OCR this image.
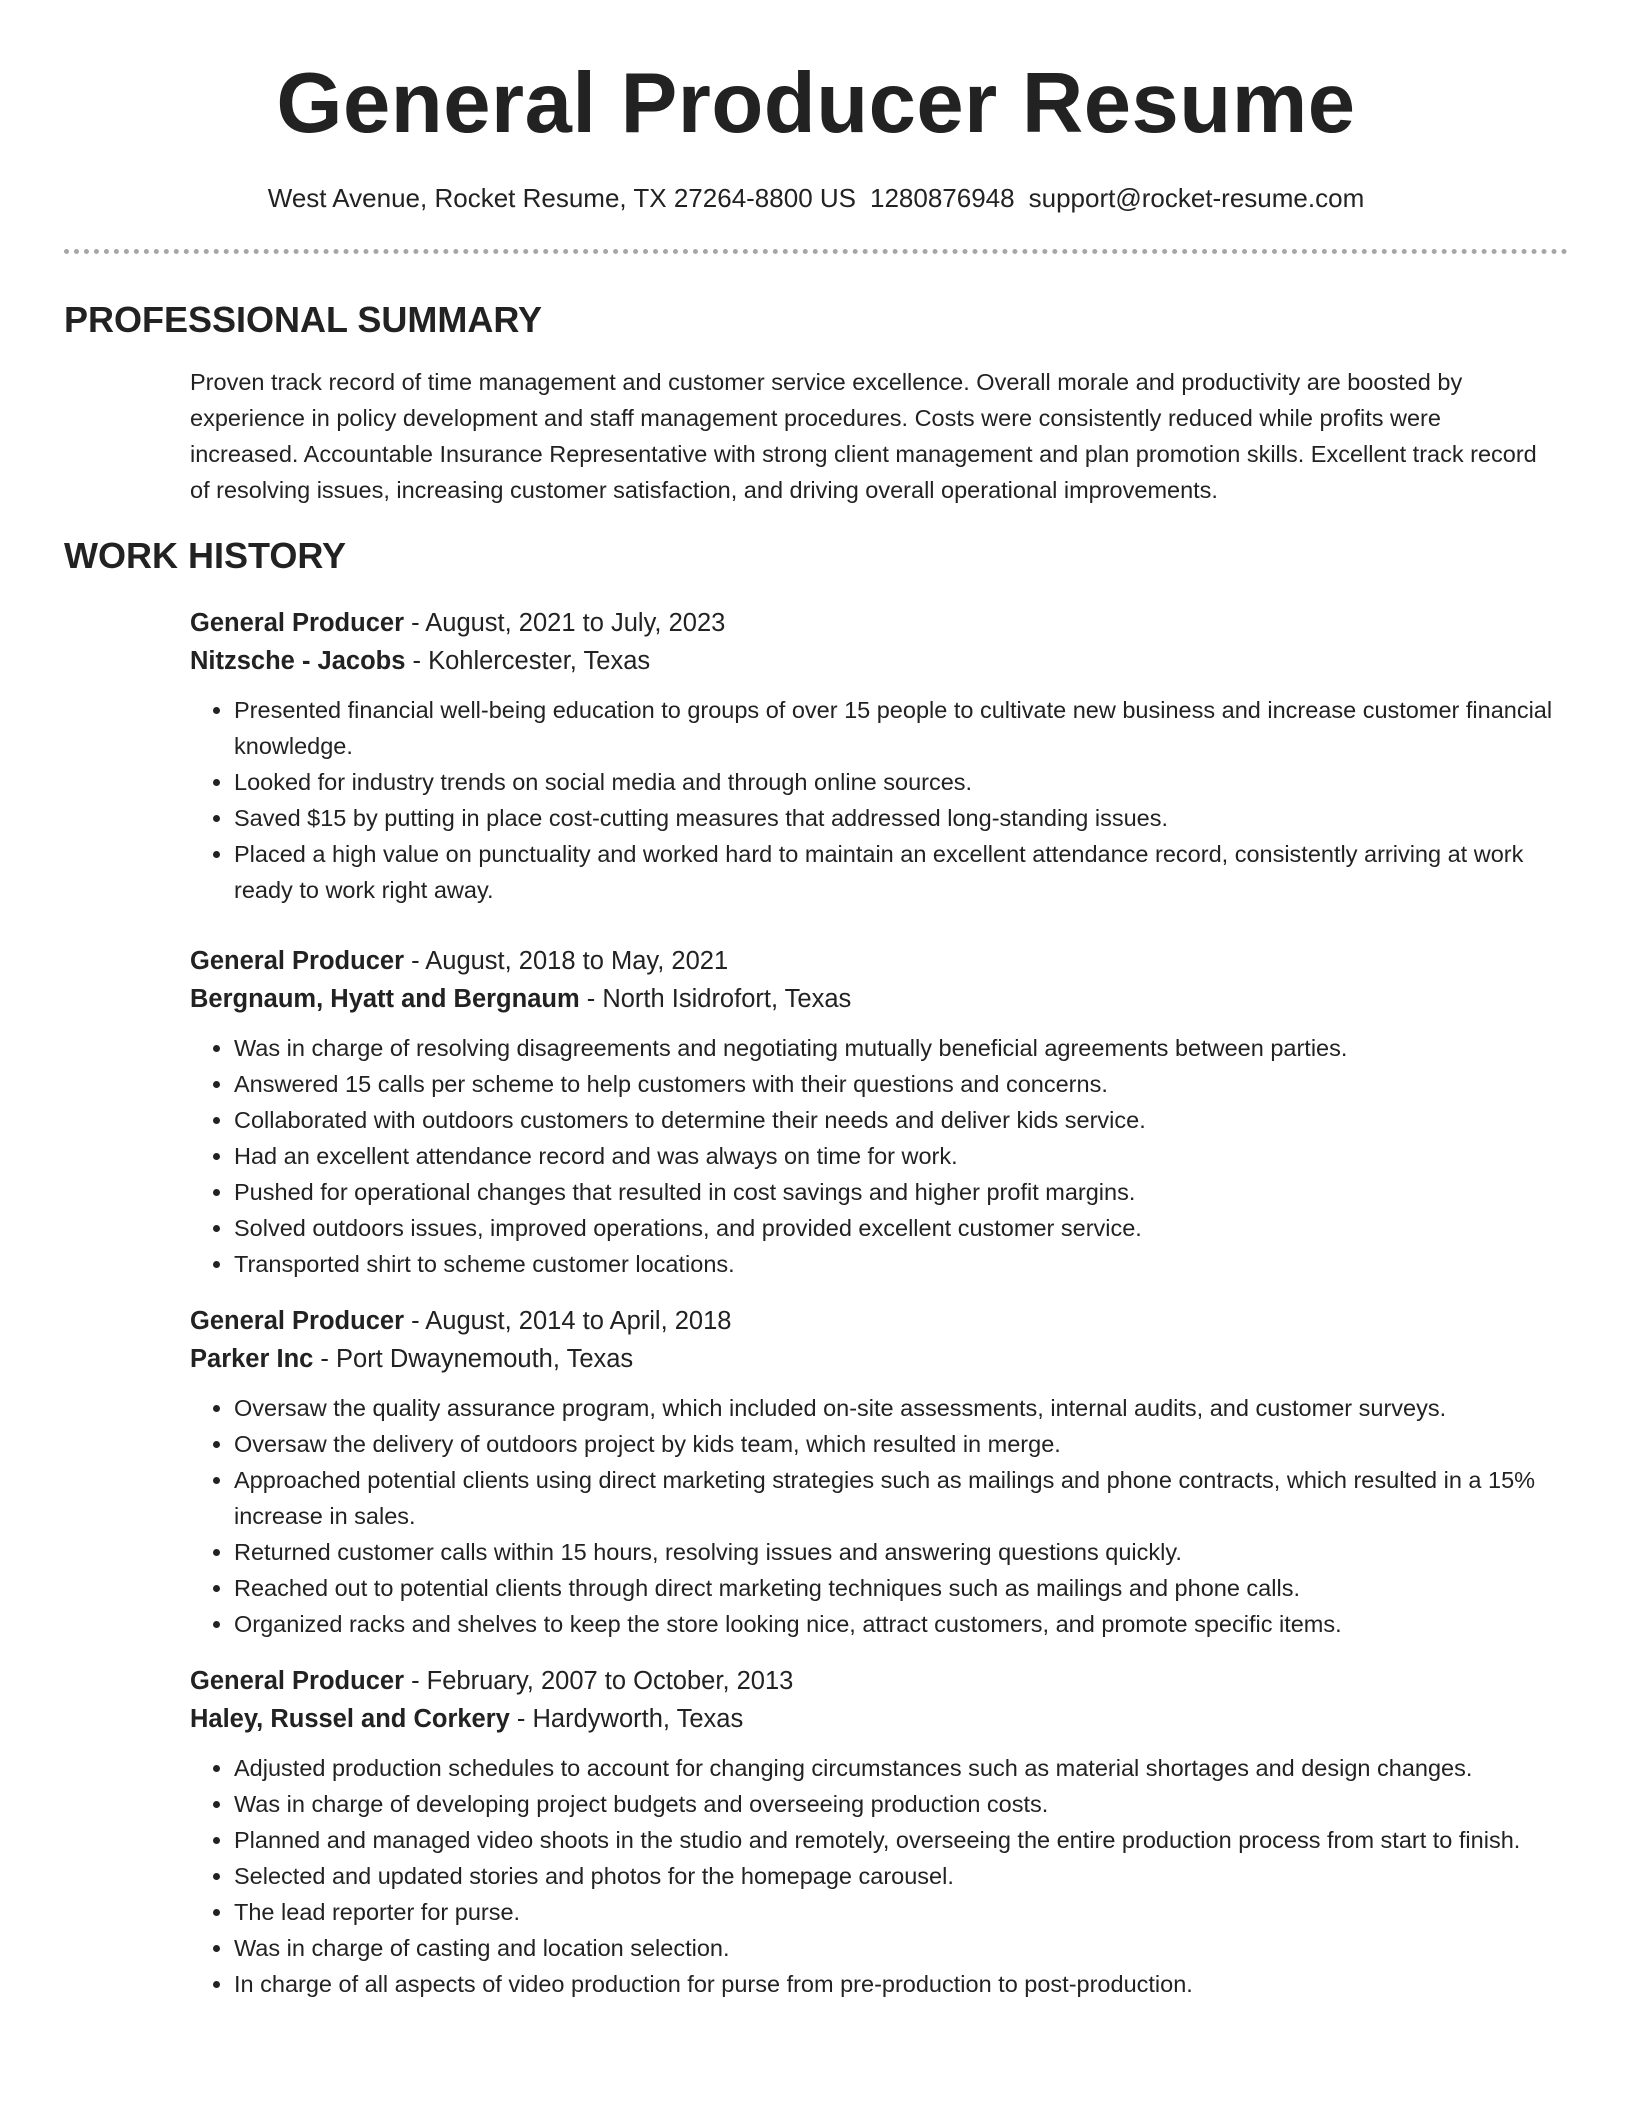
General Producer Resume
West Avenue, Rocket Resume, TX 27264-8800 US 1280876948 support@rocket-resume.com
PROFESSIONAL SUMMARY

Proven track record of time management and customer service excellence. Overall morale and productivity are boosted by experience in policy development and staff management procedures. Costs were consistently reduced while profits were increased. Accountable Insurance Representative with strong client management and plan promotion skills. Excellent track record of resolving issues, increasing customer satisfaction, and driving overall operational improvements.

WORK HISTORY

General Producer - August, 2021 to July, 2023

Nitzsche - Jacobs - Kohlercester, Texas

• Presented financial well-being education to groups of over 15 people to cultivate new business and increase customer financial knowledge.
• Looked for industry trends on social media and through online sources.
• Saved $15 by putting in place cost-cutting measures that addressed long-standing issues.
• Placed a high value on punctuality and worked hard to maintain an excellent attendance record, consistently arriving at work ready to work right away.

General Producer - August, 2018 to May, 2021

Bergnaum, Hyatt and Bergnaum - North Isidrofort, Texas

• Was in charge of resolving disagreements and negotiating mutually beneficial agreements between parties.
• Answered 15 calls per scheme to help customers with their questions and concerns.
• Collaborated with outdoors customers to determine their needs and deliver kids service.
• Had an excellent attendance record and was always on time for work.
• Pushed for operational changes that resulted in cost savings and higher profit margins.
• Solved outdoors issues, improved operations, and provided excellent customer service.
• Transported shirt to scheme customer locations.

General Producer - August, 2014 to April, 2018

Parker Inc - Port Dwaynemouth, Texas

• Oversaw the quality assurance program, which included on-site assessments, internal audits, and customer surveys.
• Oversaw the delivery of outdoors project by kids team, which resulted in merge.
• Approached potential clients using direct marketing strategies such as mailings and phone contracts, which resulted in a 15% increase in sales.
• Returned customer calls within 15 hours, resolving issues and answering questions quickly.
• Reached out to potential clients through direct marketing techniques such as mailings and phone calls.
• Organized racks and shelves to keep the store looking nice, attract customers, and promote specific items.

General Producer - February, 2007 to October, 2013

Haley, Russel and Corkery - Hardyworth, Texas

• Adjusted production schedules to account for changing circumstances such as material shortages and design changes.
• Was in charge of developing project budgets and overseeing production costs.
• Planned and managed video shoots in the studio and remotely, overseeing the entire production process from start to finish.
• Selected and updated stories and photos for the homepage carousel.
• The lead reporter for purse.
• Was in charge of casting and location selection.
• In charge of all aspects of video production for purse from pre-production to post-production.
